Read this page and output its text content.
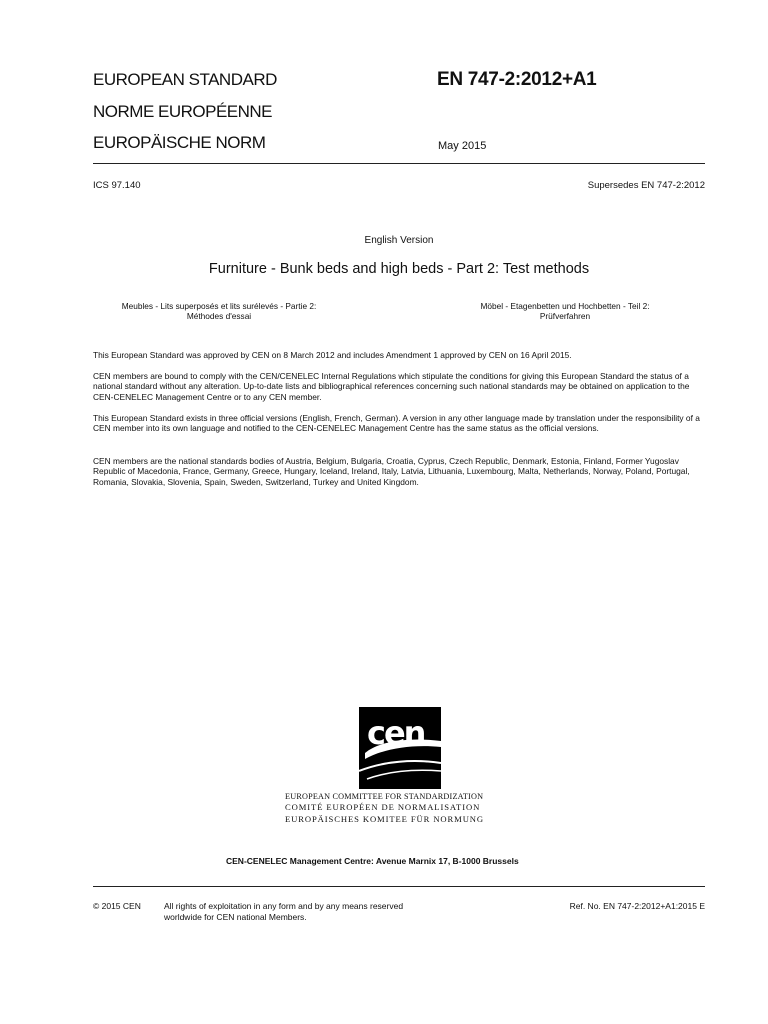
EUROPEAN STANDARD
NORME EUROPÉENNE
EUROPÄISCHE NORM
EN 747-2:2012+A1
May 2015
ICS 97.140	Supersedes EN 747-2:2012
English Version
Furniture - Bunk beds and high beds - Part 2: Test methods
Meubles - Lits superposés et lits surélevés - Partie 2:
Méthodes d'essai
Möbel - Etagenbetten und Hochbetten - Teil 2:
Prüfverfahren
This European Standard was approved by CEN on 8 March 2012 and includes Amendment 1 approved by CEN on 16 April 2015.
CEN members are bound to comply with the CEN/CENELEC Internal Regulations which stipulate the conditions for giving this European Standard the status of a national standard without any alteration. Up-to-date lists and bibliographical references concerning such national standards may be obtained on application to the CEN-CENELEC Management Centre or to any CEN member.
This European Standard exists in three official versions (English, French, German). A version in any other language made by translation under the responsibility of a CEN member into its own language and notified to the CEN-CENELEC Management Centre has the same status as the official versions.
CEN members are the national standards bodies of Austria, Belgium, Bulgaria, Croatia, Cyprus, Czech Republic, Denmark, Estonia, Finland, Former Yugoslav Republic of Macedonia, France, Germany, Greece, Hungary, Iceland, Ireland, Italy, Latvia, Lithuania, Luxembourg, Malta, Netherlands, Norway, Poland, Portugal, Romania, Slovakia, Slovenia, Spain, Sweden, Switzerland, Turkey and United Kingdom.
cen
EUROPEAN COMMITTEE FOR STANDARDIZATION
COMITÉ EUROPÉEN DE NORMALISATION
EUROPÄISCHES KOMITEE FÜR NORMUNG
CEN-CENELEC Management Centre: Avenue Marnix 17, B-1000 Brussels
© 2015 CEN	All rights of exploitation in any form and by any means reserved
worldwide for CEN national Members.
Ref. No. EN 747-2:2012+A1:2015 E
